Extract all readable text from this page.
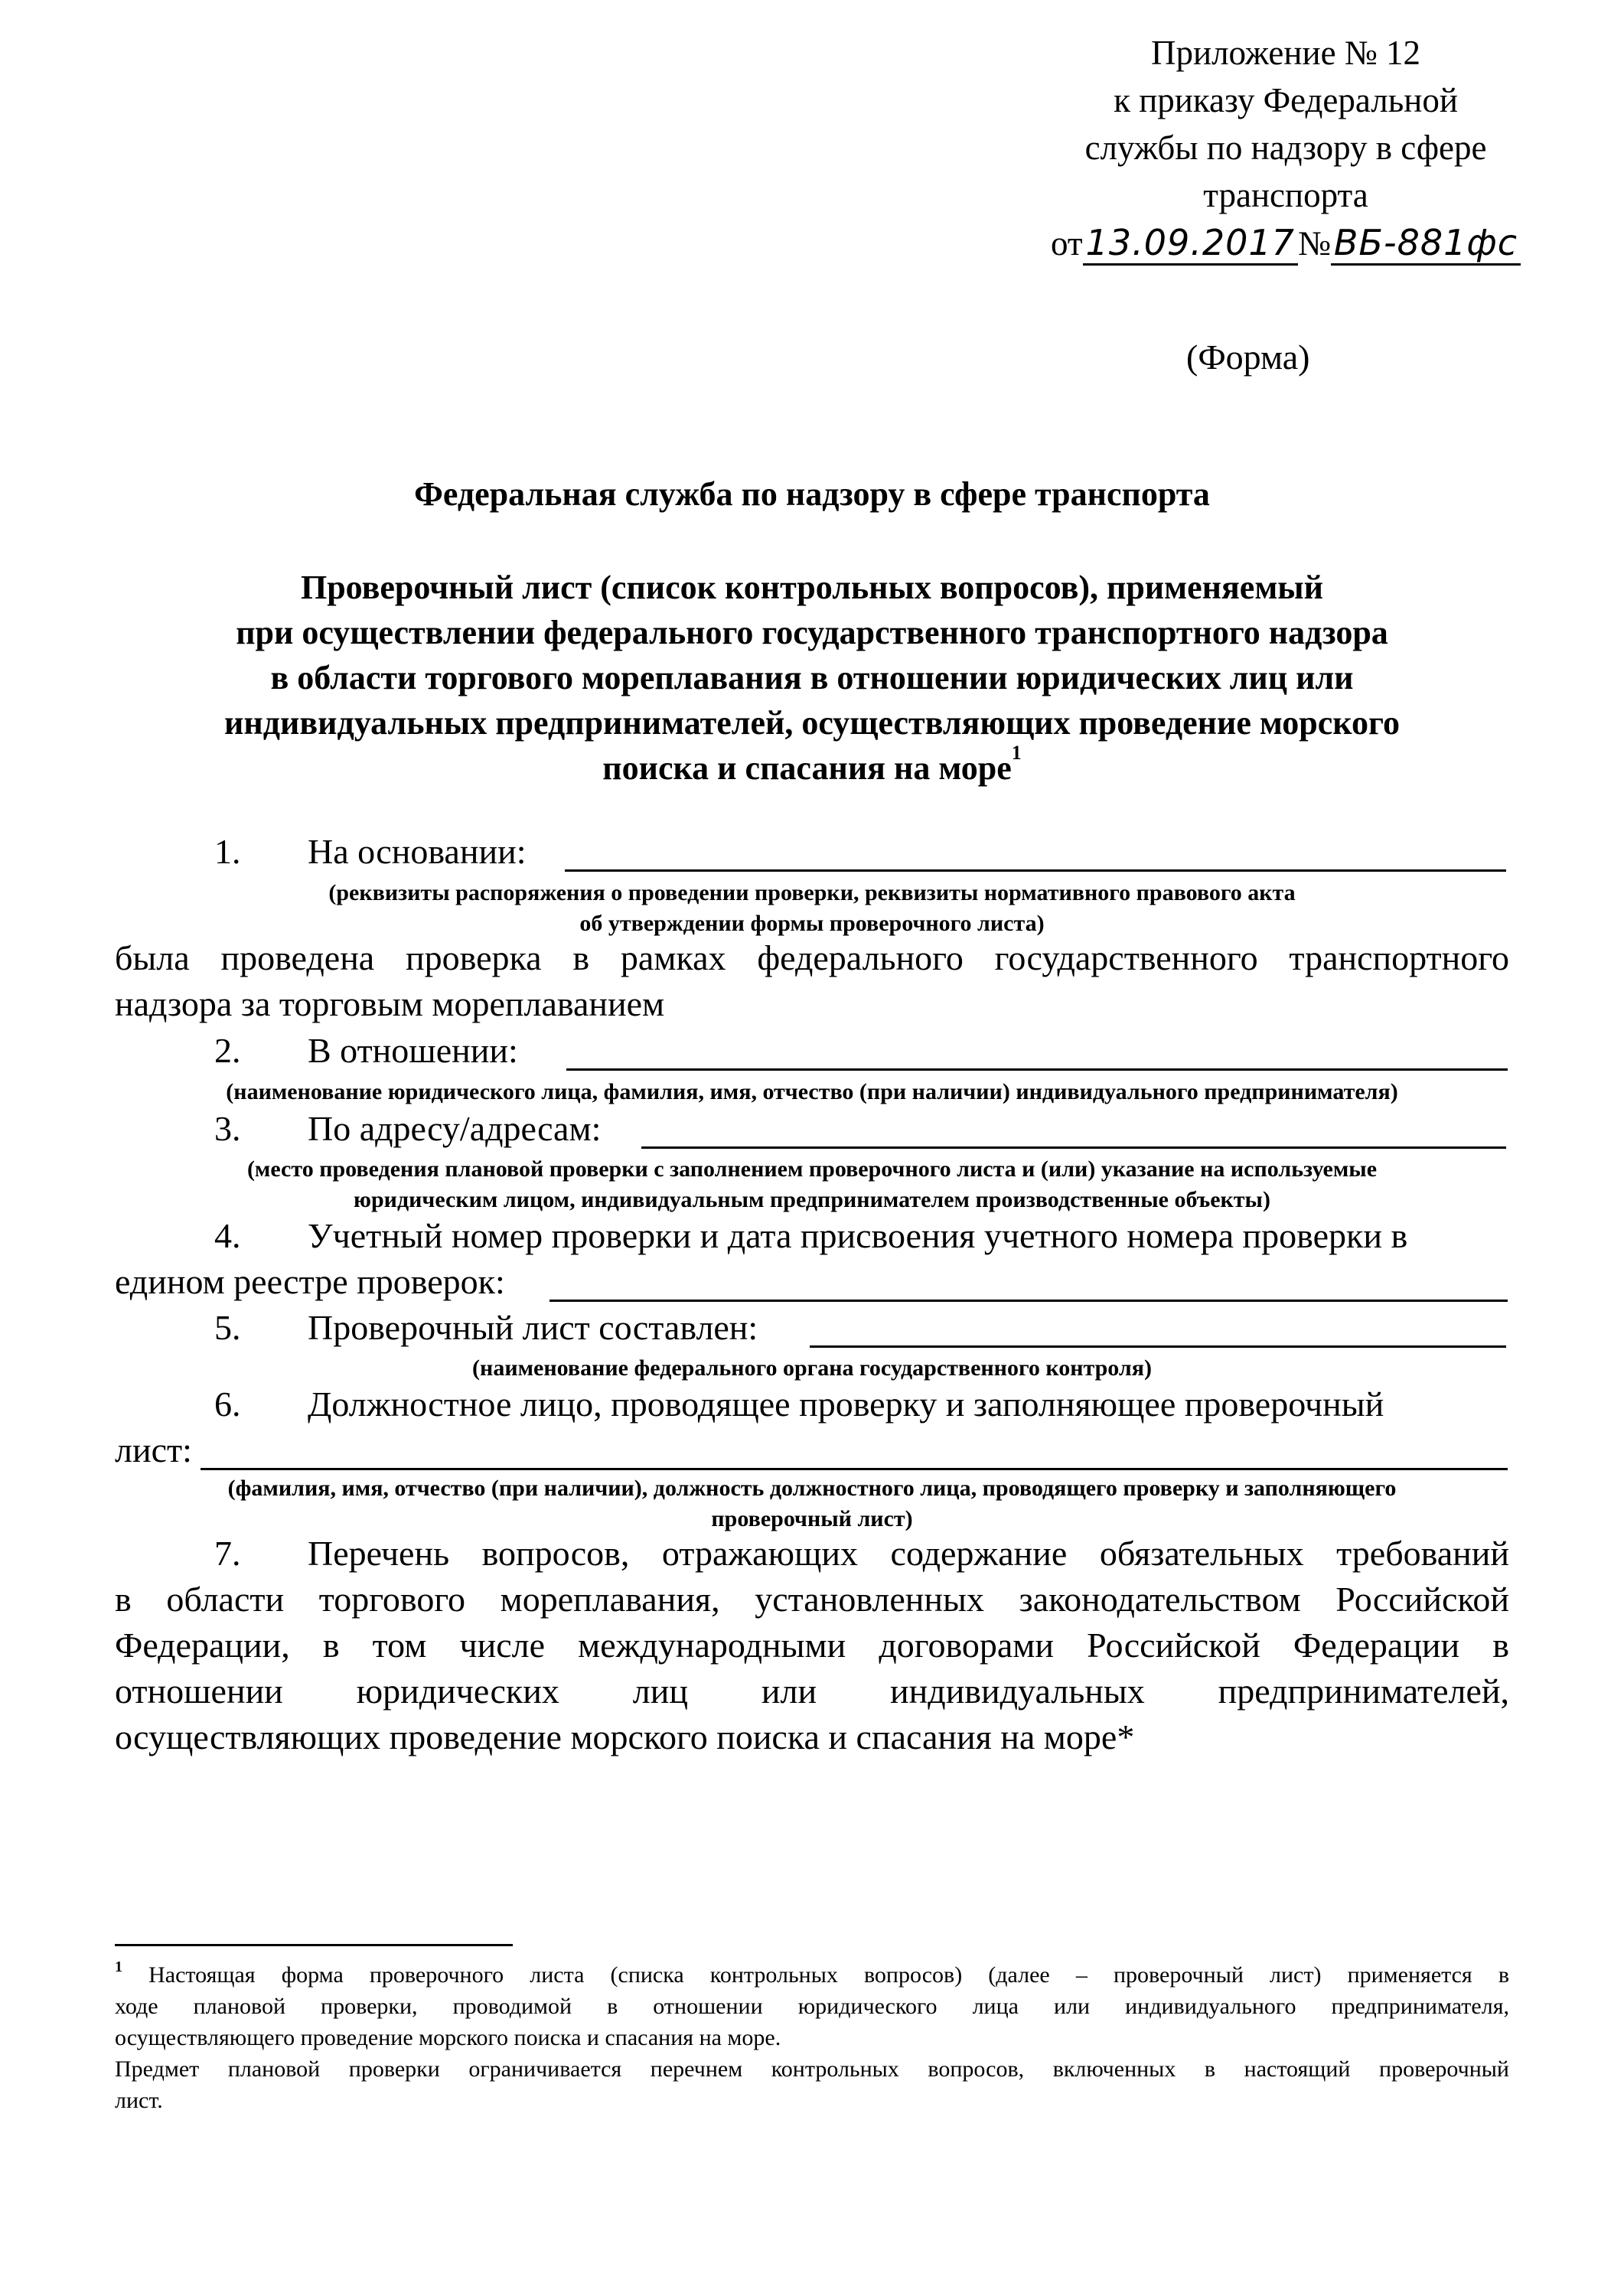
Приложение № 12
к приказу Федеральной
службы по надзору в сфере
транспорта
от13.09.2017№ВБ-881фс
(Форма)
Федеральная служба по надзору в сфере транспорта
Проверочный лист (список контрольных вопросов), применяемый
при осуществлении федерального государственного транспортного надзора
в области торгового мореплавания в отношении юридических лиц или
индивидуальных предпринимателей, осуществляющих проведение морского
поиска и спасания на море$^1$
1. На основании:
(реквизиты распоряжения о проведении проверки, реквизиты нормативного правового акта
об утверждении формы проверочного листа)
была проведена проверка в рамках федерального государственного транспортного
надзора за торговым мореплаванием
2. В отношении:
(наименование юридического лица, фамилия, имя, отчество (при наличии) индивидуального предпринимателя)
3. По адресу/адресам:
(место проведения плановой проверки с заполнением проверочного листа и (или) указание на используемые
юридическим лицом, индивидуальным предпринимателем производственные объекты)
4. Учетный номер проверки и дата присвоения учетного номера проверки в
едином реестре проверок:
5. Проверочный лист составлен:
(наименование федерального органа государственного контроля)
6. Должностное лицо, проводящее проверку и заполняющее проверочный
лист:
(фамилия, имя, отчество (при наличии), должность должностного лица, проводящего проверку и заполняющего
проверочный лист)
7. Перечень вопросов, отражающих содержание обязательных требований
в области торгового мореплавания, установленных законодательством Российской
Федерации, в том числе международными договорами Российской Федерации в
отношении юридических лиц или индивидуальных предпринимателей,
осуществляющих проведение морского поиска и спасания на море*
$^1$ Настоящая форма проверочного листа (списка контрольных вопросов) (далее – проверочный лист) применяется в
ходе плановой проверки, проводимой в отношении юридического лица или индивидуального предпринимателя,
осуществляющего проведение морского поиска и спасания на море.
Предмет плановой проверки ограничивается перечнем контрольных вопросов, включенных в настоящий проверочный
лист.
